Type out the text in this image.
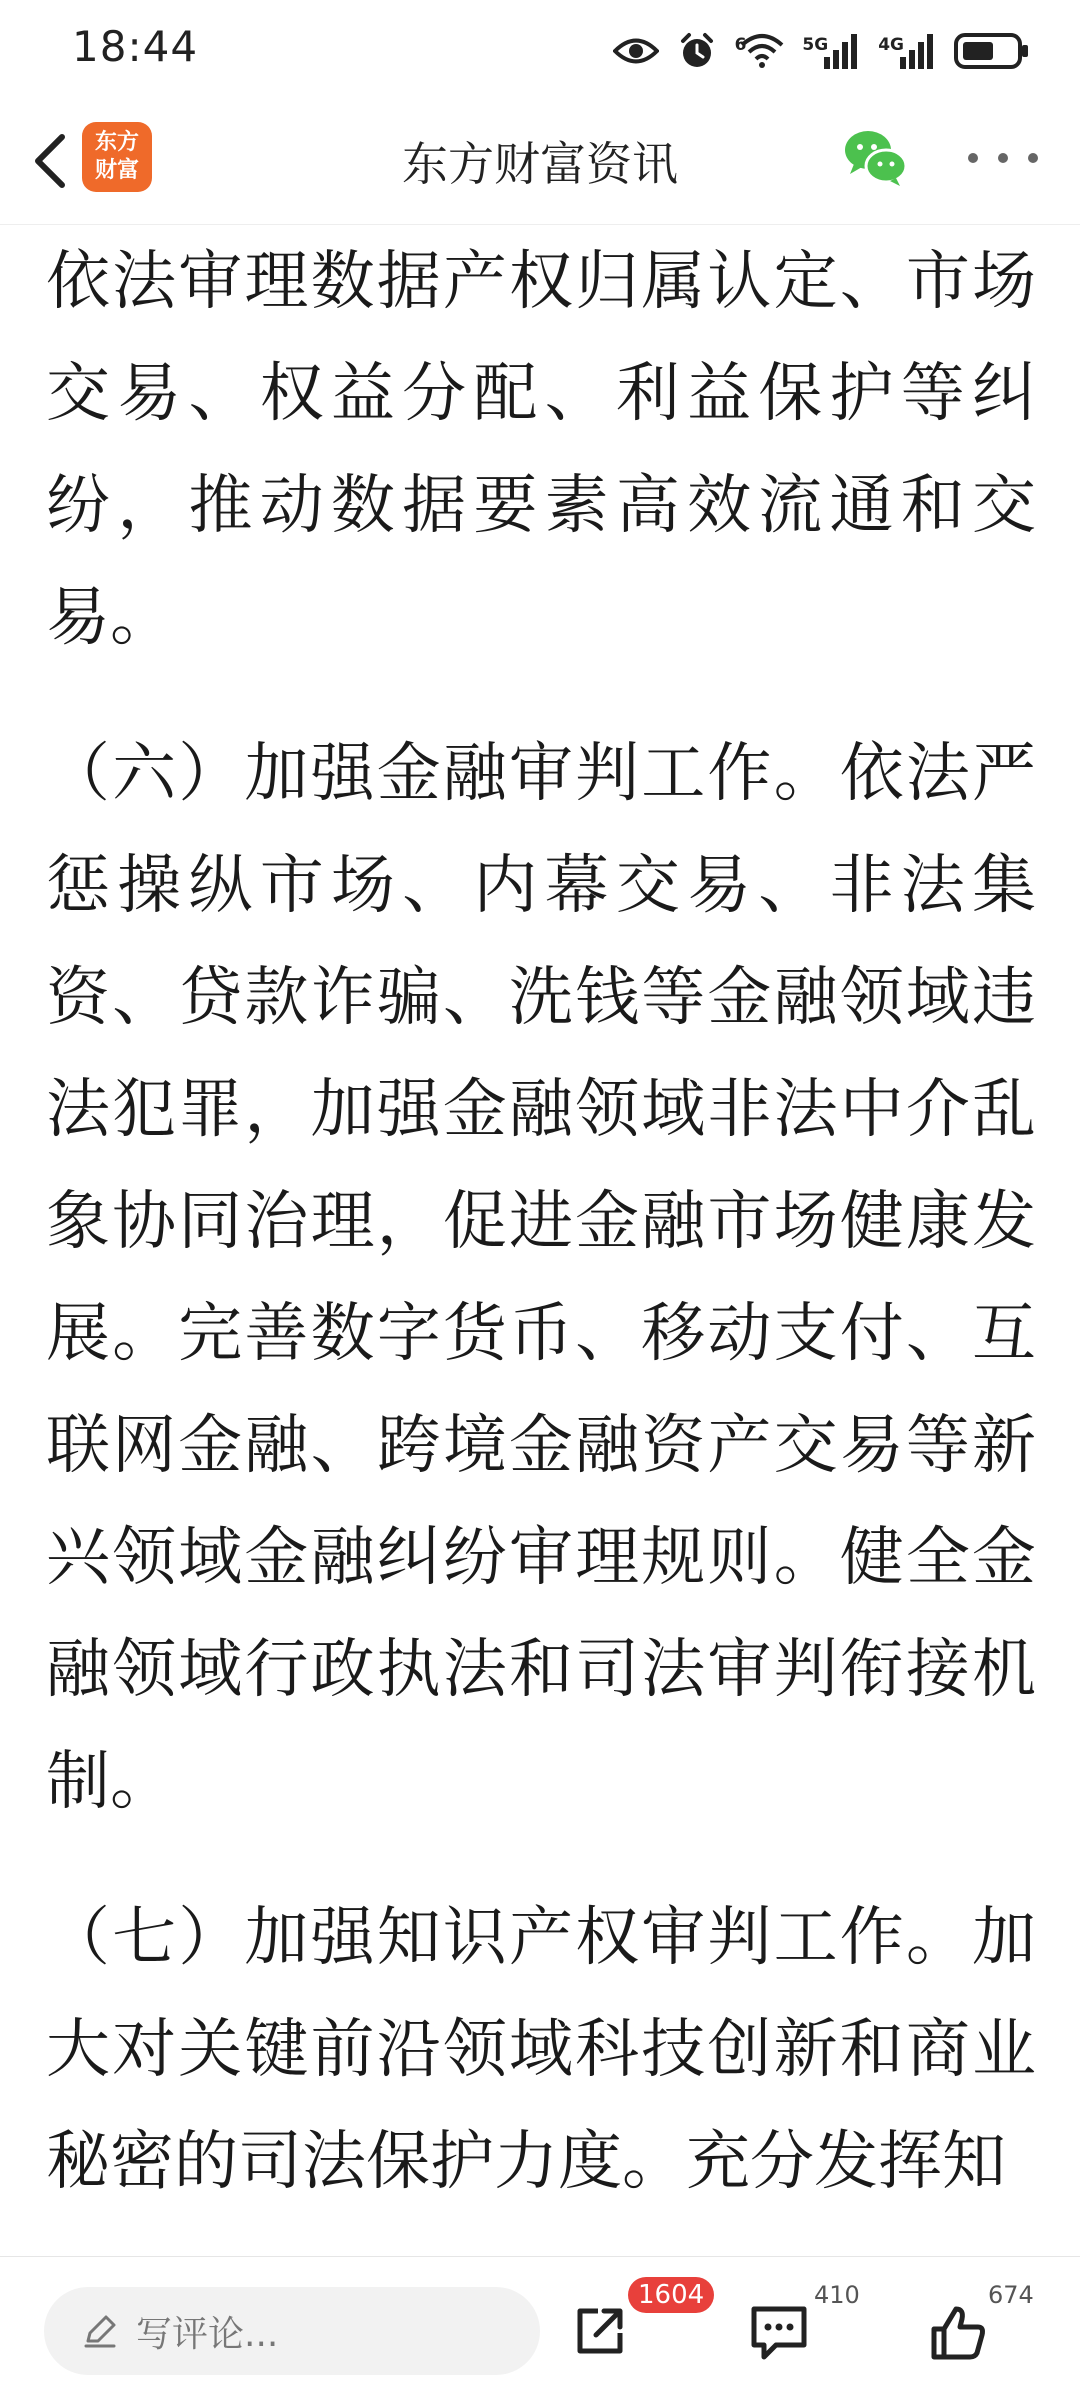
18:44	6	5G	4G
东方
财富	东方财富资讯

依法审理数据产权归属认定、市场交易、权益分配、利益保护等纠纷，推动数据要素高效流通和交易。

（六）加强金融审判工作。依法严惩操纵市场、内幕交易、非法集资、贷款诈骗、洗钱等金融领域违法犯罪，加强金融领域非法中介乱象协同治理，促进金融市场健康发展。完善数字货币、移动支付、互联网金融、跨境金融资产交易等新兴领域金融纠纷审理规则。健全金融领域行政执法和司法审判衔接机制。

（七）加强知识产权审判工作。加大对关键前沿领域科技创新和商业秘密的司法保护力度。充分发挥知

写评论...
1604	410	674
